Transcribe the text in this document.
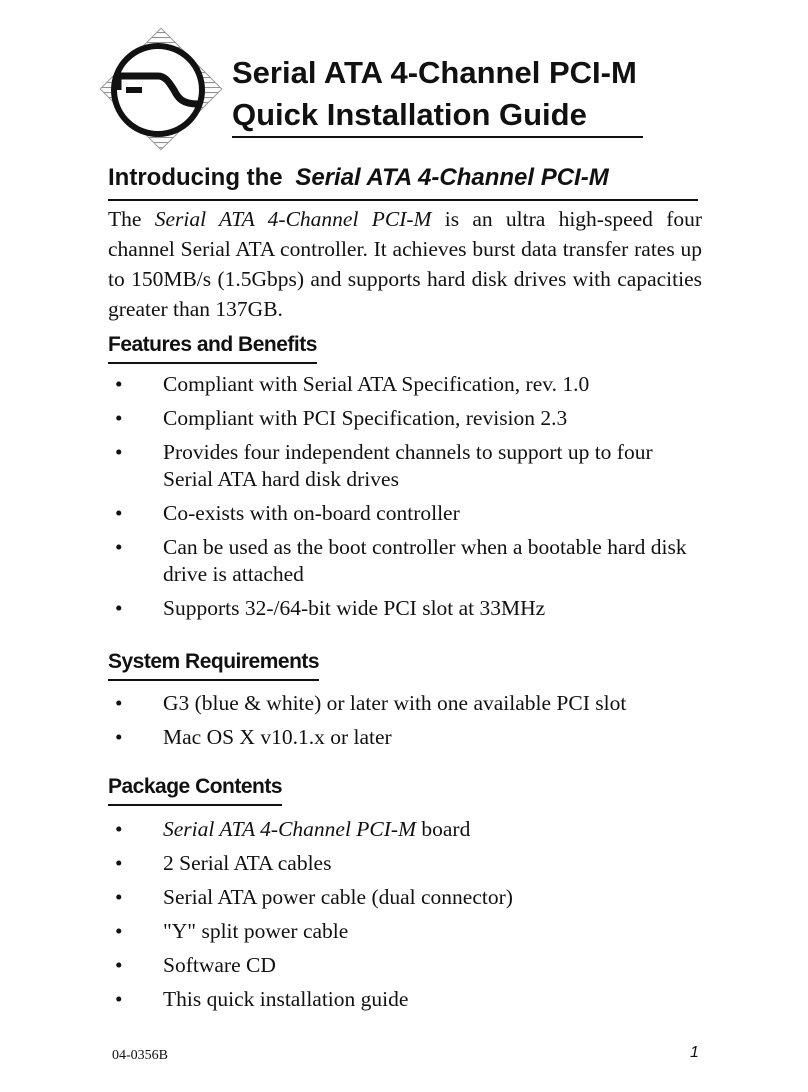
Serial ATA 4-Channel PCI-M
Quick Installation Guide
Introducing the Serial ATA 4-Channel PCI-M
The Serial ATA 4-Channel PCI-M is an ultra high-speed four channel Serial ATA controller. It achieves burst data transfer rates up to 150MB/s (1.5Gbps) and supports hard disk drives with capacities greater than 137GB.
Features and Benefits
• Compliant with Serial ATA Specification, rev. 1.0
• Compliant with PCI Specification, revision 2.3
• Provides four independent channels to support up to four Serial ATA hard disk drives
• Co-exists with on-board controller
• Can be used as the boot controller when a bootable hard disk drive is attached
• Supports 32-/64-bit wide PCI slot at 33MHz
System Requirements
• G3 (blue & white) or later with one available PCI slot
• Mac OS X v10.1.x or later
Package Contents
• Serial ATA 4-Channel PCI-M board
• 2 Serial ATA cables
• Serial ATA power cable (dual connector)
• "Y" split power cable
• Software CD
• This quick installation guide
04-0356B	1
